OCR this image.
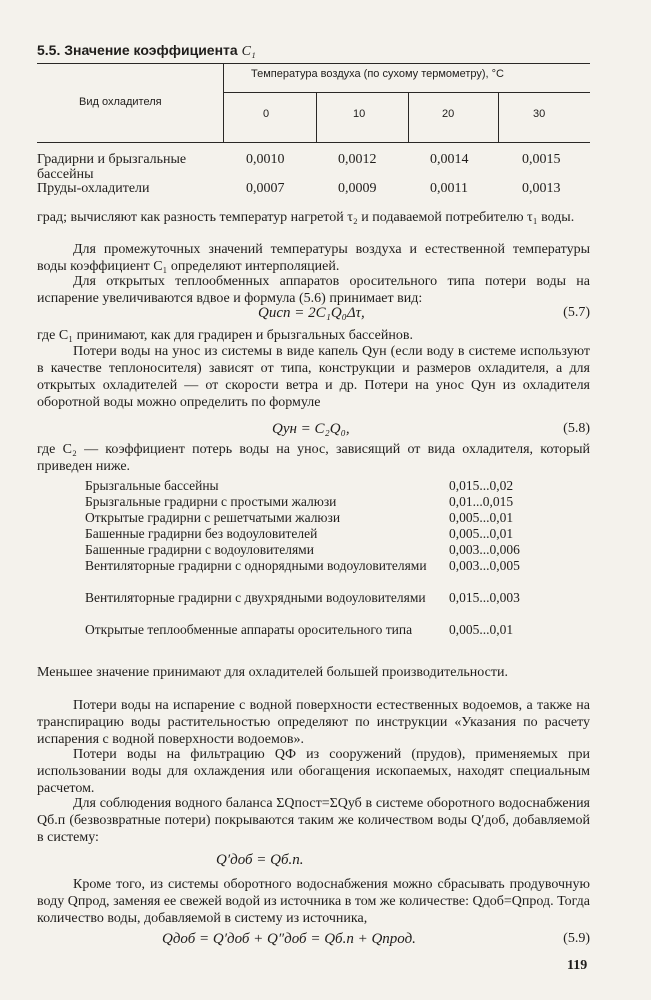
5.5. Значение коэффициента C₁
Вид охладителя
Температура воздуха (по сухому термометру), °С
0	10	20	30
Градирни и брызгальные бассейны
0,0010	0,0012	0,0014	0,0015
Пруды-охладители	0,0007	0,0009	0,0011	0,0013
град; вычисляют как разность температур нагретой τ₂ и подаваемой потребителю τ₁ воды.
Для промежуточных значений температуры воздуха и естественной температуры воды коэффициент C₁ определяют интерполяцией.
Для открытых теплообменных аппаратов оросительного типа потери воды на испарение увеличиваются вдвое и формула (5.6) принимает вид:
Qисп = 2C₁Q₀Δτ,	(5.7)
где C₁ принимают, как для градирен и брызгальных бассейнов.
Потери воды на унос из системы в виде капель Qун (если воду в системе используют в качестве теплоносителя) зависят от типа, конструкции и размеров охладителя, а для открытых охладителей — от скорости ветра и др. Потери на унос Qун из охладителя оборотной воды можно определить по формуле
Qун = C₂Q₀,	(5.8)
где C₂ — коэффициент потерь воды на унос, зависящий от вида охладителя, который приведен ниже.
Брызгальные бассейны	0,015...0,02
Брызгальные градирни с простыми жалюзи	0,01...0,015
Открытые градирни с решетчатыми жалюзи	0,005...0,01
Башенные градирни без водоуловителей	0,005...0,01
Башенные градирни с водоуловителями	0,003...0,006
Вентиляторные градирни с однорядными водоуловителями	0,003...0,005
Вентиляторные градирни с двухрядными водоуловителями	0,015...0,003
Открытые теплообменные аппараты оросительного типа	0,005...0,01
Меньшее значение принимают для охладителей большей производительности.
Потери воды на испарение с водной поверхности естественных водоемов, а также на транспирацию воды растительностью определяют по инструкции «Указания по расчету испарения с водной поверхности водоемов».
Потери воды на фильтрацию QФ из сооружений (прудов), применяемых при использовании воды для охлаждения или обогащения ископаемых, находят специальным расчетом.
Для соблюдения водного баланса ΣQпост=ΣQуб в системе оборотного водоснабжения Qб.п (безвозвратные потери) покрываются таким же количеством воды Q′доб, добавляемой в систему:
Q′доб = Qб.п.
Кроме того, из системы оборотного водоснабжения можно сбрасывать продувочную воду Qпрод, заменяя ее свежей водой из источника в том же количестве: Qдоб=Qпрод. Тогда количество воды, добавляемой в систему из источника,
Qдоб = Q′доб + Q″доб = Qб.п + Qпрод.	(5.9)
119
